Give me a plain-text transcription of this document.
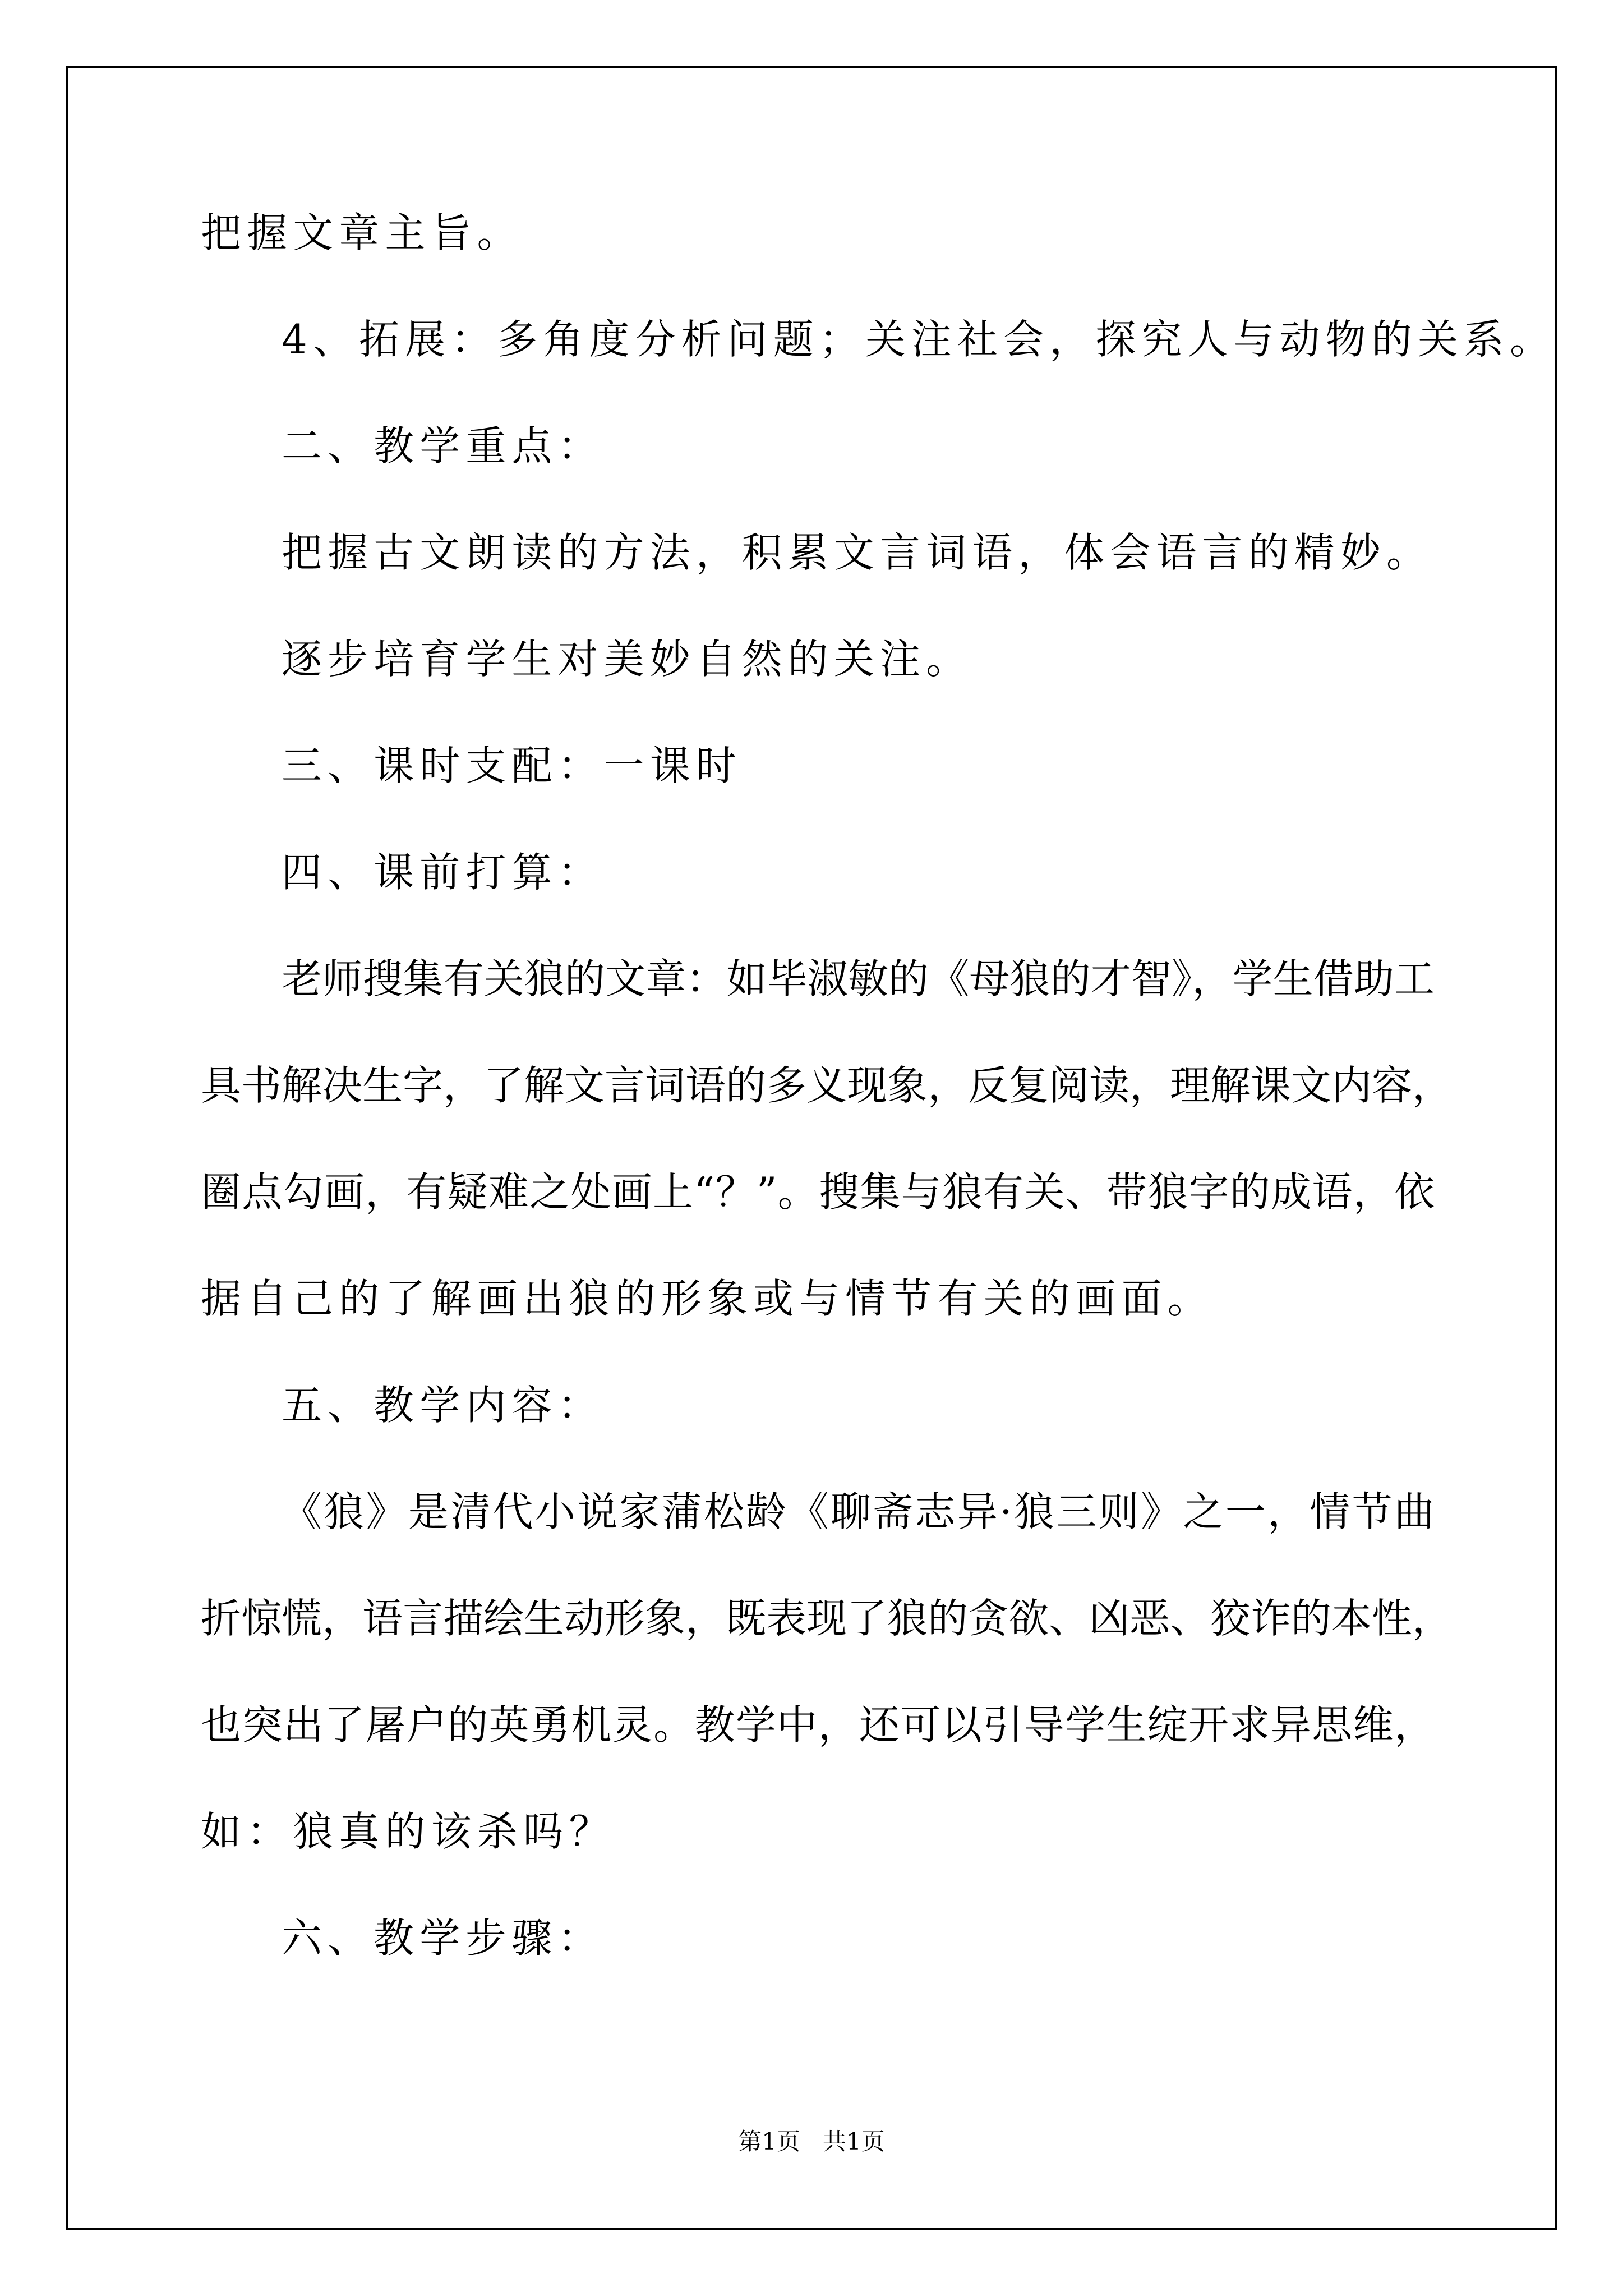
把握文章主旨。

4、拓展：多角度分析问题；关注社会，探究人与动物的关系。

二、教学重点：

把握古文朗读的方法，积累文言词语，体会语言的精妙。

逐步培育学生对美妙自然的关注。

三、课时支配：一课时

四、课前打算：

老师搜集有关狼的文章：如毕淑敏的《母狼的才智》，学生借助工

具书解决生字，了解文言词语的多义现象，反复阅读，理解课文内容，

圈点勾画，有疑难之处画上“？”。搜集与狼有关、带狼字的成语，依

据自己的了解画出狼的形象或与情节有关的画面。

五、教学内容：

《狼》是清代小说家蒲松龄《聊斋志异·狼三则》之一，情节曲

折惊慌，语言描绘生动形象，既表现了狼的贪欲、凶恶、狡诈的本性，

也突出了屠户的英勇机灵。教学中，还可以引导学生绽开求异思维，

如：狼真的该杀吗？

六、教学步骤：

第1页   共1页
